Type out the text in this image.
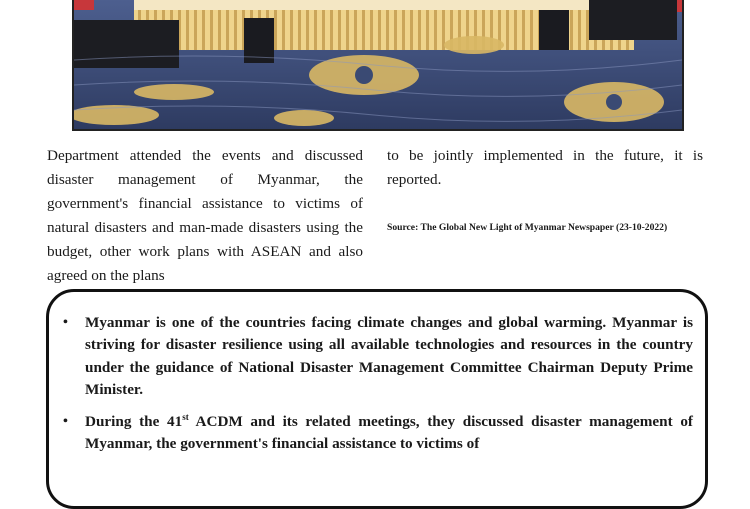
Department attended the events and discussed disaster management of Myanmar, the government's financial assistance to victims of natural disasters and man-made disasters using the budget, other work plans with ASEAN and also agreed on the plans
to be jointly implemented in the future, it is reported.
Source: The Global New Light of Myanmar Newspaper (23-10-2022)
• Myanmar is one of the countries facing climate changes and global warming. Myanmar is striving for disaster resilience using all available technologies and resources in the country under the guidance of National Disaster Management Committee Chairman Deputy Prime Minister.
• During the 41st ACDM and its related meetings, they discussed disaster management of Myanmar, the government's financial assistance to victims of
